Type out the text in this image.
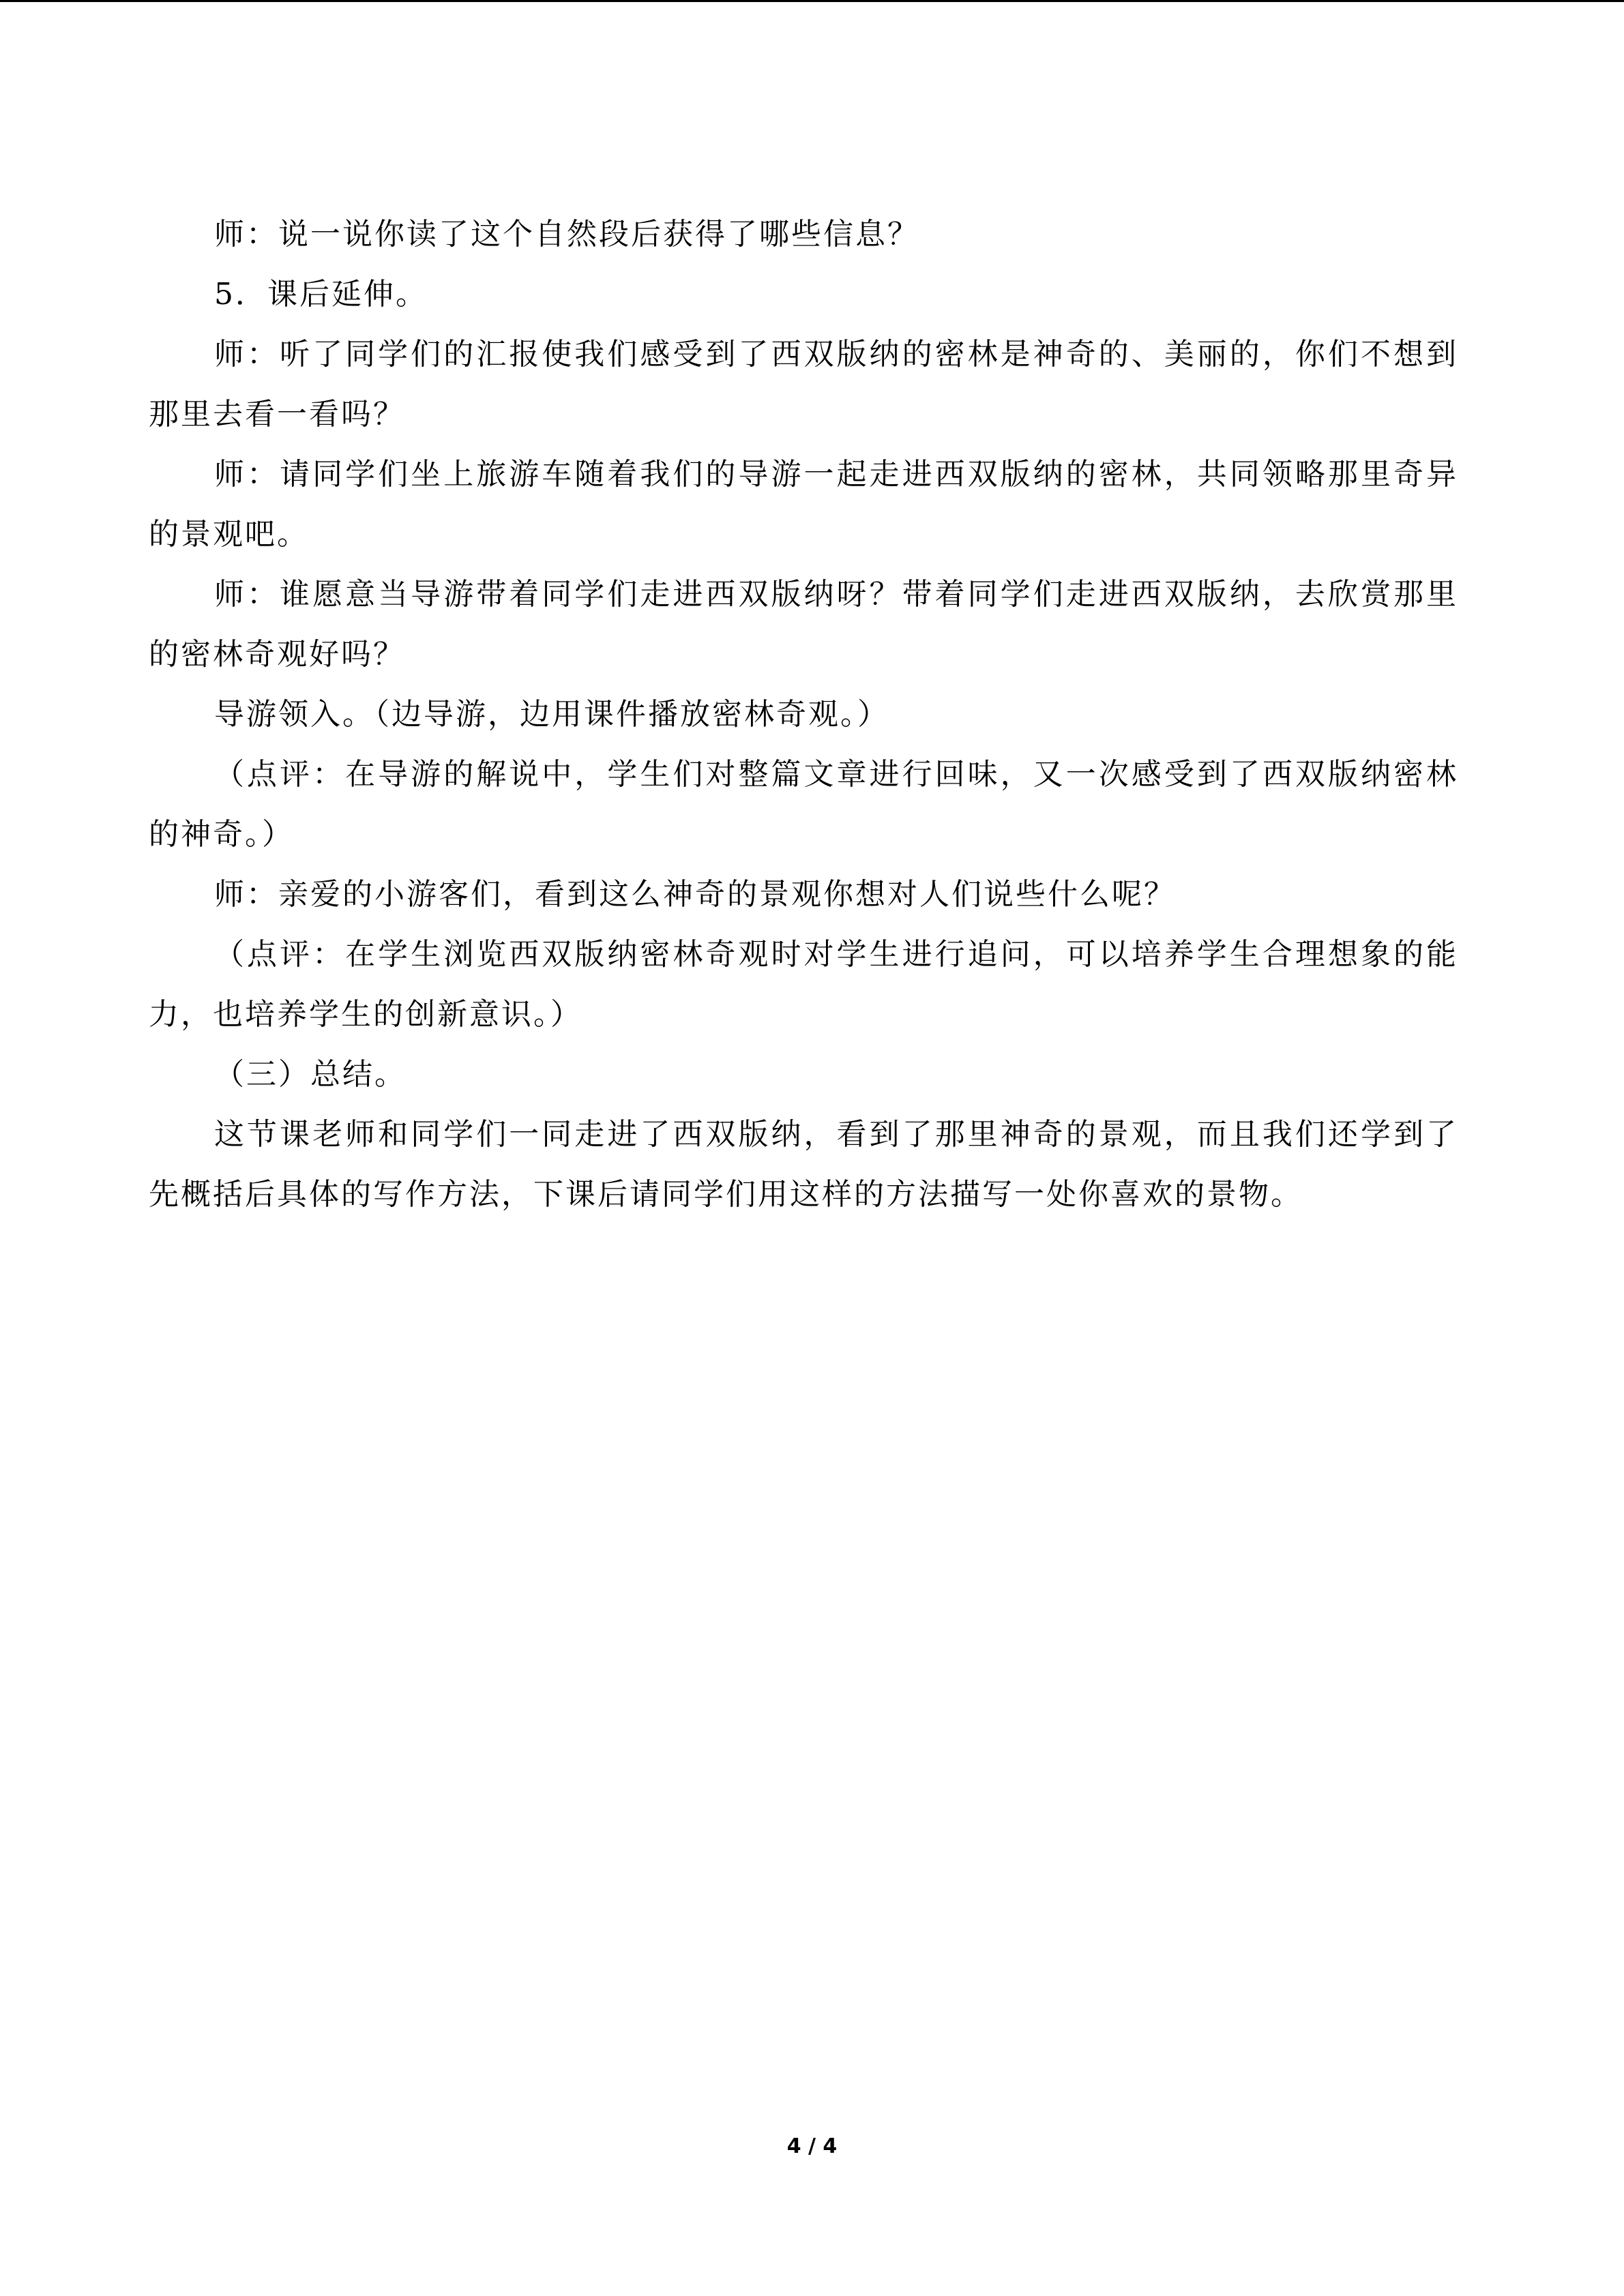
师：说一说你读了这个自然段后获得了哪些信息？

5．课后延伸。

师：听了同学们的汇报使我们感受到了西双版纳的密林是神奇的、美丽的，你们不想到那里去看一看吗？

师：请同学们坐上旅游车随着我们的导游一起走进西双版纳的密林，共同领略那里奇异的景观吧。

师：谁愿意当导游带着同学们走进西双版纳呀？带着同学们走进西双版纳，去欣赏那里的密林奇观好吗？

导游领入。（边导游，边用课件播放密林奇观。）

（点评：在导游的解说中，学生们对整篇文章进行回味，又一次感受到了西双版纳密林的神奇。）

师：亲爱的小游客们，看到这么神奇的景观你想对人们说些什么呢？

（点评：在学生浏览西双版纳密林奇观时对学生进行追问，可以培养学生合理想象的能力，也培养学生的创新意识。）

（三）总结。

这节课老师和同学们一同走进了西双版纳，看到了那里神奇的景观，而且我们还学到了先概括后具体的写作方法，下课后请同学们用这样的方法描写一处你喜欢的景物。

4 / 4
